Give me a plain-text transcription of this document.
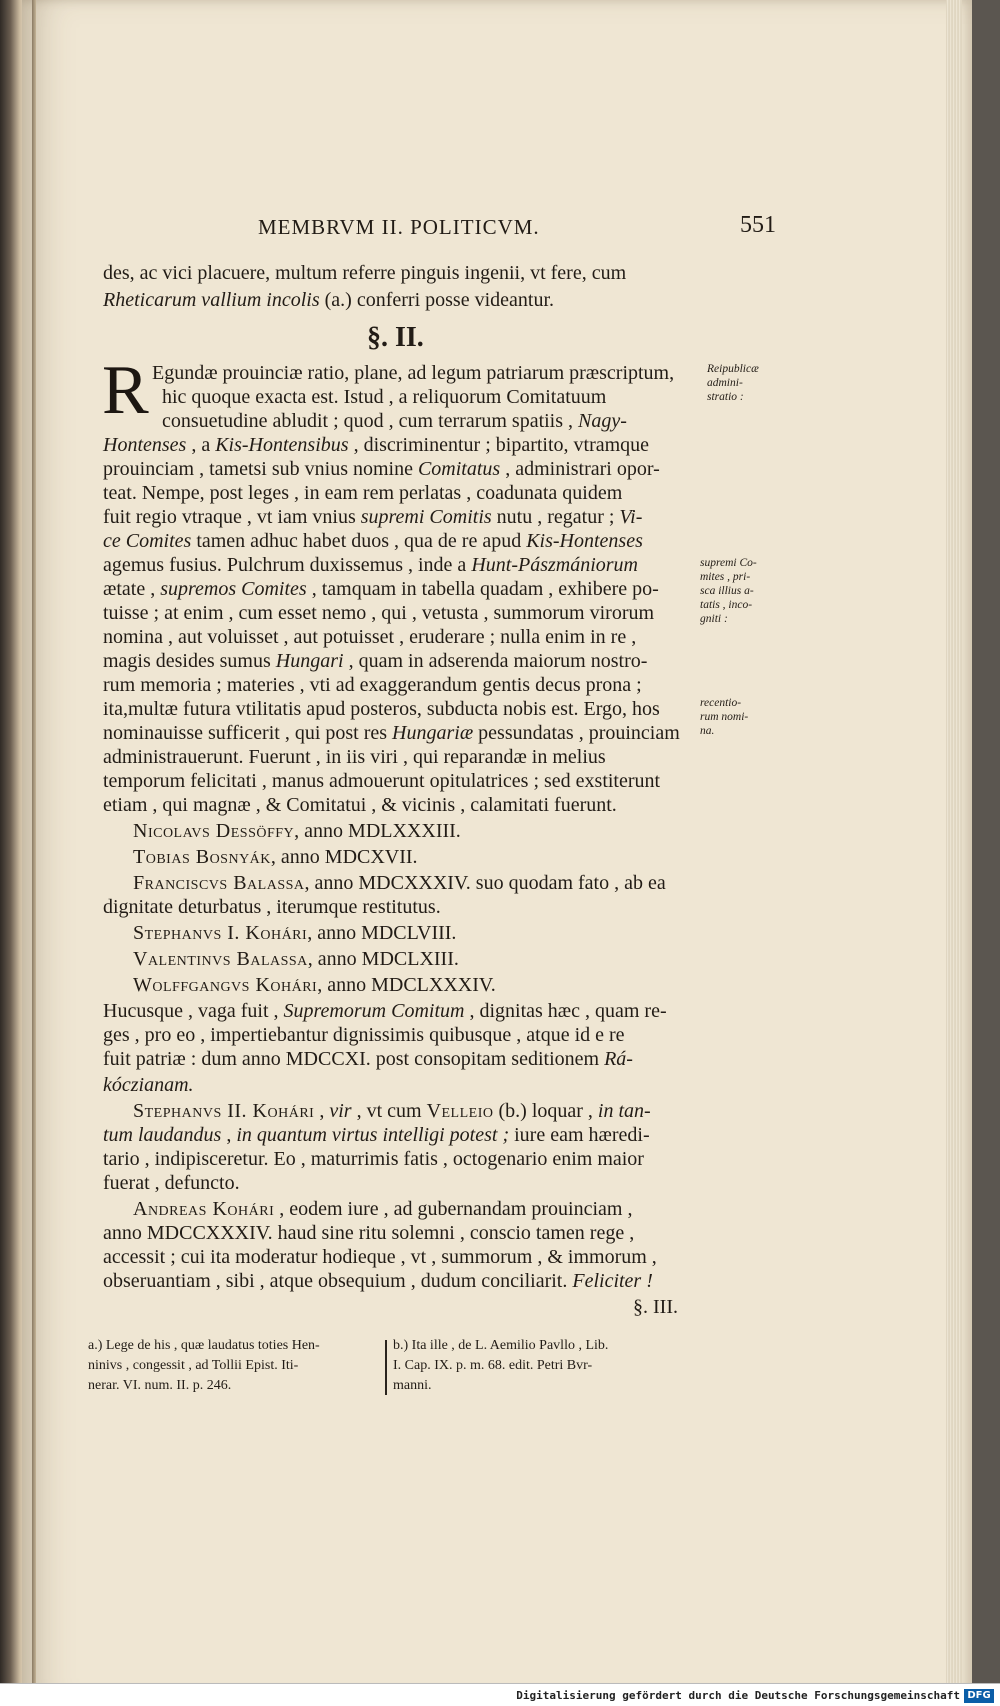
MEMBRVM II. POLITICVM.	551
des, ac vici placuere, multum referre pinguis ingenii, vt fere, cum
Rheticarum vallium incolis (a.) conferri posse videantur.
§. II.
R Egundæ prouinciæ ratio, plane, ad legum patriarum præscriptum,
hic quoque exacta est. Istud , a reliquorum Comitatuum
consuetudine abludit ; quod , cum terrarum spatiis , Nagy-
Hontenses , a Kis-Hontensibus , discriminentur ; bipartito, vtramque
prouinciam , tametsi sub vnius nomine Comitatus , administrari opor-
teat. Nempe, post leges , in eam rem perlatas , coadunata quidem
fuit regio vtraque , vt iam vnius supremi Comitis nutu , regatur ; Vi-
ce Comites tamen adhuc habet duos , qua de re apud Kis-Hontenses
agemus fusius. Pulchrum duxissemus , inde a Hunt-Pászmániorum
ætate , supremos Comites , tamquam in tabella quadam , exhibere po-
tuisse ; at enim , cum esset nemo , qui , vetusta , summorum virorum
nomina , aut voluisset , aut potuisset , eruderare ; nulla enim in re ,
magis desides sumus Hungari , quam in adserenda maiorum nostro-
rum memoria ; materies , vti ad exaggerandum gentis decus prona ;
ita,multæ futura vtilitatis apud posteros, subducta nobis est. Ergo, hos
nominauisse sufficerit , qui post res Hungariæ pessundatas , prouinciam
administrauerunt. Fuerunt , in iis viri , qui reparandæ in melius
temporum felicitati , manus admouerunt opitulatrices ; sed exstiterunt
etiam , qui magnæ , & Comitatui , & vicinis , calamitati fuerunt.
Nicolavs Dessöffy, anno MDLXXXIII.
Tobias Bosnyák, anno MDCXVII.
Franciscvs Balassa, anno MDCXXXIV. suo quodam fato , ab ea
dignitate deturbatus , iterumque restitutus.
Stephanvs I. Kohári, anno MDCLVIII.
Valentinvs Balassa, anno MDCLXIII.
Wolffgangvs Kohári, anno MDCLXXXIV.
Hucusque , vaga fuit , Supremorum Comitum , dignitas hæc , quam re-
ges , pro eo , impertiebantur dignissimis quibusque , atque id e re
fuit patriæ : dum anno MDCCXI. post consopitam seditionem Rá-
kóczianam.
Stephanvs II. Kohári , vir , vt cum Velleio (b.) loquar , in tan-
tum laudandus , in quantum virtus intelligi potest ; iure eam hæredi-
tario , indipisceretur. Eo , maturrimis fatis , octogenario enim maior
fuerat , defuncto.
Andreas Kohári , eodem iure , ad gubernandam prouinciam ,
anno MDCCXXXIV. haud sine ritu solemni , conscio tamen rege ,
accessit ; cui ita moderatur hodieque , vt , summorum , & immorum ,
obseruantiam , sibi , atque obsequium , dudum conciliarit. Feliciter !
§. III.
Reipublicæ
admini-
stratio :
supremi Co-
mites , pri-
sca illius a-
tatis , inco-
gniti :
recentio-
rum nomi-
na.
a.) Lege de his , quæ laudatus toties Hen-
ninivs , congessit , ad Tollii Epist. Iti-
nerar. VI. num. II. p. 246.
b.) Ita ille , de L. Aemilio Pavllo , Lib.
I. Cap. IX. p. m. 68. edit. Petri Bvr-
manni.
Digitalisierung gefördert durch die Deutsche Forschungsgemeinschaft DFG
